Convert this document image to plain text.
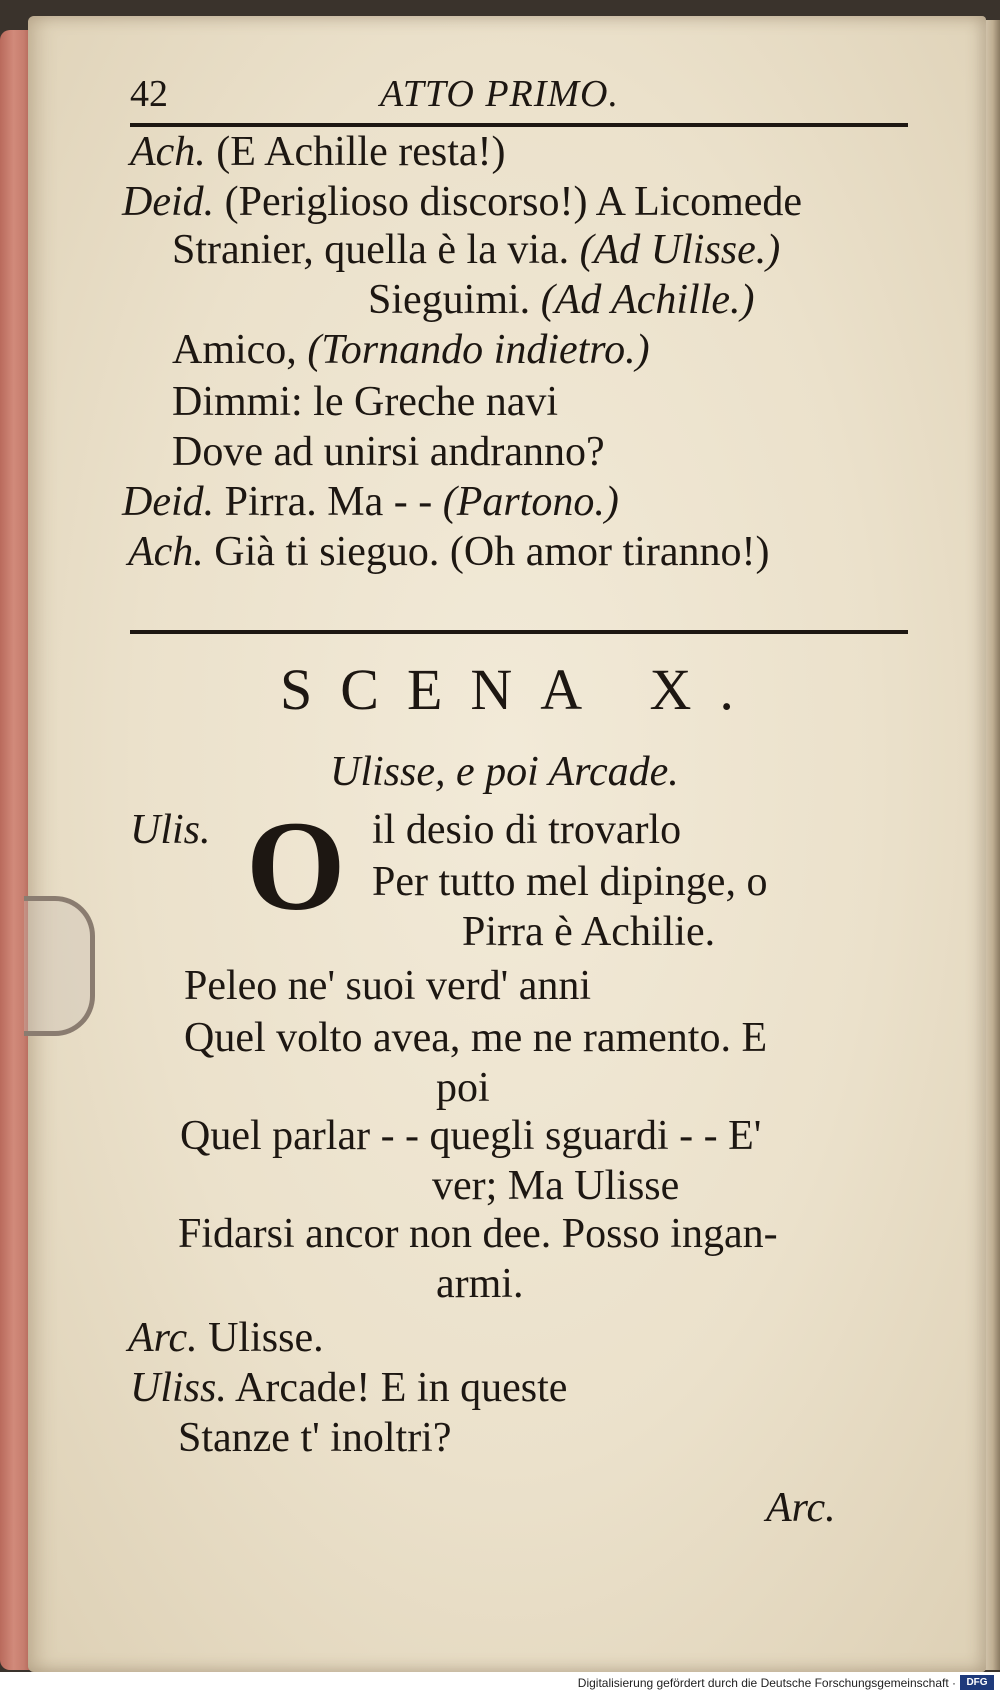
42	ATTO PRIMO.
Ach. (E Achille resta!)
Deid. (Periglioso discorso!) A Licomede
Stranier, quella è la via. (Ad Ulisse.)
Sieguimi. (Ad Achille.)
Amico, (Tornando indietro.)
Dimmi: le Greche navi
Dove ad unirsi andranno?
Deid. Pirra. Ma - - (Partono.)
Ach. Già ti sieguo. (Oh amor tiranno!)
SCENA X.
Ulisse, e poi Arcade.
Ulis. O il desio di trovarlo
Per tutto mel dipinge, o
Pirra è Achilie.
Peleo ne' suoi verd' anni
Quel volto avea, me ne ramento. E
poi
Quel parlar - - quegli sguardi - - E'
ver; Ma Ulisse
Fidarsi ancor non dee. Posso ingan-
armi.
Arc. Ulisse.
Uliss. Arcade! E in queste
Stanze t' inoltri?
Arc.
Digitalisierung gefördert durch die Deutsche Forschungsgemeinschaft ·	DFG
